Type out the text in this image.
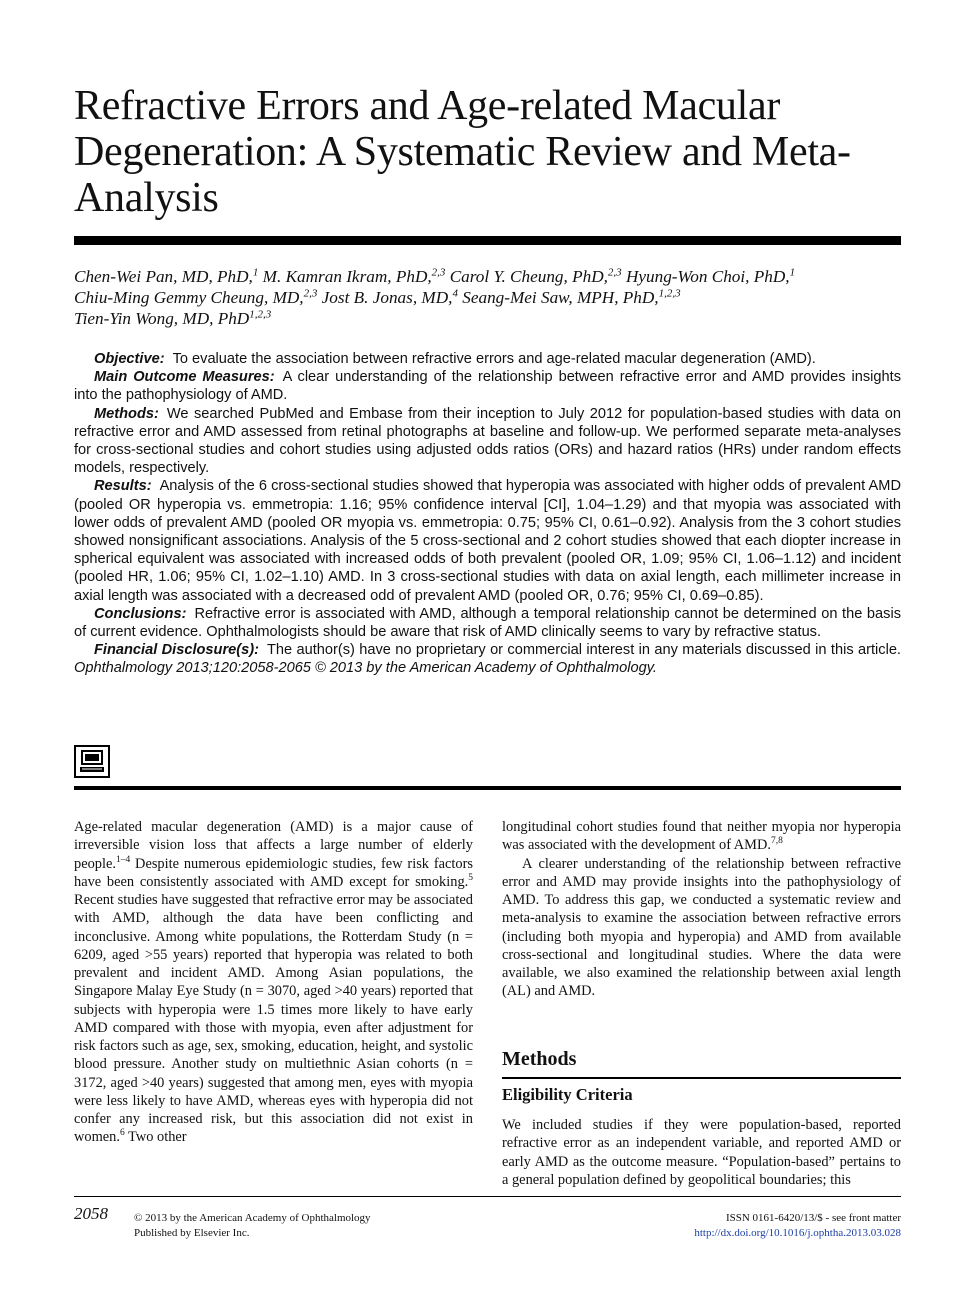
Refractive Errors and Age-related Macular Degeneration: A Systematic Review and Meta-Analysis
Chen-Wei Pan, MD, PhD,$^1$ M. Kamran Ikram, PhD,$^{2,3}$ Carol Y. Cheung, PhD,$^{2,3}$ Hyung-Won Choi, PhD,$^1$
Chiu-Ming Gemmy Cheung, MD,$^{2,3}$ Jost B. Jonas, MD,$^4$ Seang-Mei Saw, MPH, PhD,$^{1,2,3}$
Tien-Yin Wong, MD, PhD$^{1,2,3}$

Objective: To evaluate the association between refractive errors and age-related macular degeneration (AMD).

Main Outcome Measures: A clear understanding of the relationship between refractive error and AMD provides insights into the pathophysiology of AMD.

Methods: We searched PubMed and Embase from their inception to July 2012 for population-based studies with data on refractive error and AMD assessed from retinal photographs at baseline and follow-up. We performed separate meta-analyses for cross-sectional studies and cohort studies using adjusted odds ratios (ORs) and hazard ratios (HRs) under random effects models, respectively.

Results: Analysis of the 6 cross-sectional studies showed that hyperopia was associated with higher odds of prevalent AMD (pooled OR hyperopia vs. emmetropia: 1.16; 95% confidence interval [CI], 1.04–1.29) and that myopia was associated with lower odds of prevalent AMD (pooled OR myopia vs. emmetropia: 0.75; 95% CI, 0.61–0.92). Analysis from the 3 cohort studies showed nonsignificant associations. Analysis of the 5 cross-sectional and 2 cohort studies showed that each diopter increase in spherical equivalent was associated with increased odds of both prevalent (pooled OR, 1.09; 95% CI, 1.06–1.12) and incident (pooled HR, 1.06; 95% CI, 1.02–1.10) AMD. In 3 cross-sectional studies with data on axial length, each millimeter increase in axial length was associated with a decreased odd of prevalent AMD (pooled OR, 0.76; 95% CI, 0.69–0.85).

Conclusions: Refractive error is associated with AMD, although a temporal relationship cannot be determined on the basis of current evidence. Ophthalmologists should be aware that risk of AMD clinically seems to vary by refractive status.

Financial Disclosure(s): The author(s) have no proprietary or commercial interest in any materials discussed in this article. Ophthalmology 2013;120:2058-2065 © 2013 by the American Academy of Ophthalmology.

Age-related macular degeneration (AMD) is a major cause of irreversible vision loss that affects a large number of elderly people.$^{1-4}$ Despite numerous epidemiologic studies, few risk factors have been consistently associated with AMD except for smoking.$^5$ Recent studies have suggested that refractive error may be associated with AMD, although the data have been conflicting and inconclusive. Among white populations, the Rotterdam Study (n = 6209, aged >55 years) reported that hyperopia was related to both prevalent and incident AMD. Among Asian populations, the Singapore Malay Eye Study (n = 3070, aged >40 years) reported that subjects with hyperopia were 1.5 times more likely to have early AMD compared with those with myopia, even after adjustment for risk factors such as age, sex, smoking, education, height, and systolic blood pressure. Another study on multiethnic Asian cohorts (n = 3172, aged >40 years) suggested that among men, eyes with myopia were less likely to have AMD, whereas eyes with hyperopia did not confer any increased risk, but this association did not exist in women.$^6$ Two other

longitudinal cohort studies found that neither myopia nor hyperopia was associated with the development of AMD.$^{7,8}$

A clearer understanding of the relationship between refractive error and AMD may provide insights into the pathophysiology of AMD. To address this gap, we conducted a systematic review and meta-analysis to examine the association between refractive errors (including both myopia and hyperopia) and AMD from available cross-sectional and longitudinal studies. Where the data were available, we also examined the relationship between axial length (AL) and AMD.

Methods
Eligibility Criteria

We included studies if they were population-based, reported refractive error as an independent variable, and reported AMD or early AMD as the outcome measure. “Population-based” pertains to a general population defined by geopolitical boundaries; this

2058 © 2013 by the American Academy of Ophthalmology
Published by Elsevier Inc.
ISSN 0161-6420/13/$ - see front matter
http://dx.doi.org/10.1016/j.ophtha.2013.03.028
